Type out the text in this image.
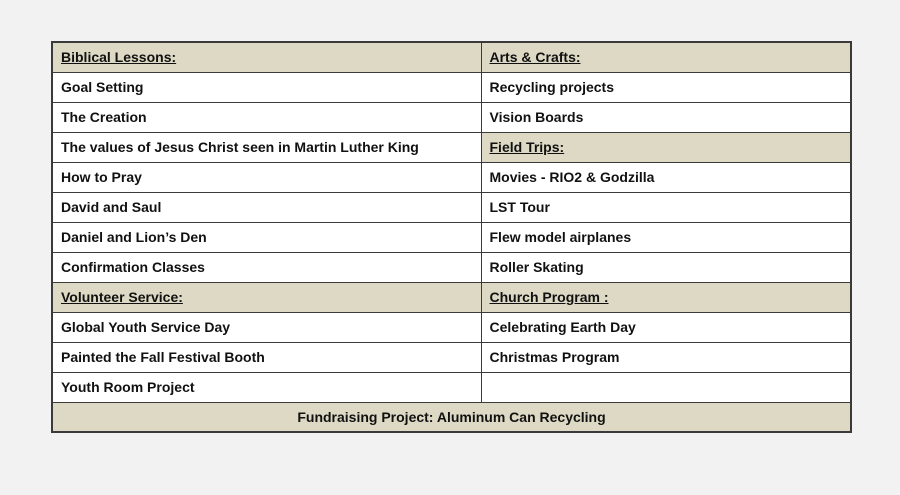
Biblical Lessons:	Arts & Crafts:
Goal Setting	Recycling projects
The Creation	Vision Boards
The values of Jesus Christ seen in Martin Luther King	Field Trips:
How to Pray	Movies - RIO2 & Godzilla
David and Saul	LST Tour
Daniel and Lion’s Den	Flew model airplanes
Confirmation Classes	Roller Skating
Volunteer Service:	Church Program :
Global Youth Service Day	Celebrating Earth Day
Painted the Fall Festival Booth	Christmas Program
Youth Room Project	
Fundraising Project: Aluminum Can Recycling	
